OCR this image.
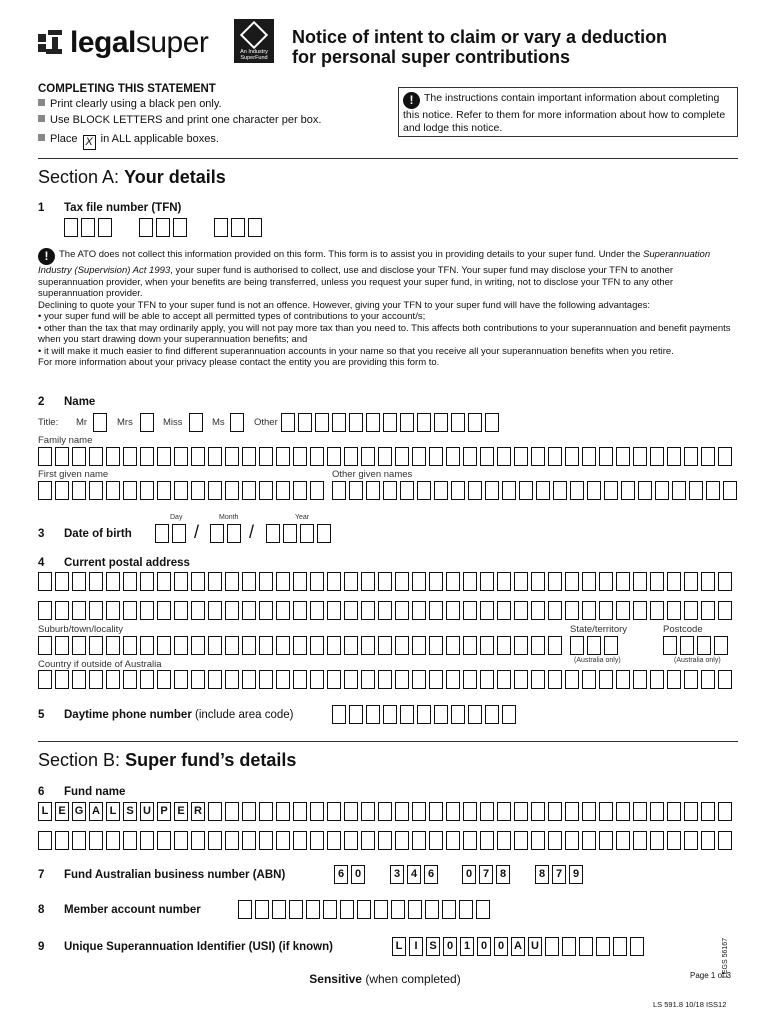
legalsuper	An Industry SuperFund
Notice of intent to claim or vary a deduction
for personal super contributions
COMPLETING THIS STATEMENT
Print clearly using a black pen only.
Use BLOCK LETTERS and print one character per box.
Place X in ALL applicable boxes.
! The instructions contain important information about completing this notice. Refer to them for more information about how to complete and lodge this notice.
Section A: Your details
1 Tax file number (TFN)
! The ATO does not collect this information provided on this form. This form is to assist you in providing details to your super fund. Under the Superannuation Industry (Supervision) Act 1993, your super fund is authorised to collect, use and disclose your TFN. Your super fund may disclose your TFN to another superannuation provider, when your benefits are being transferred, unless you request your super fund, in writing, not to disclose your TFN to any other superannuation provider.
Declining to quote your TFN to your super fund is not an offence. However, giving your TFN to your super fund will have the following advantages:
• your super fund will be able to accept all permitted types of contributions to your account/s;
• other than the tax that may ordinarily apply, you will not pay more tax than you need to. This affects both contributions to your superannuation and benefit payments when you start drawing down your superannuation benefits; and
• it will make it much easier to find different superannuation accounts in your name so that you receive all your superannuation benefits when you retire.
For more information about your privacy please contact the entity you are providing this form to.
2 Name
Title: Mr	Mrs	Miss	Ms	Other
Family name
First given name	Other given names
Day	Month	Year
3 Date of birth	/	/
4 Current postal address
Suburb/town/locality	State/territory	Postcode
(Australia only)	(Australia only)
Country if outside of Australia
5 Daytime phone number (include area code)
Section B: Super fund’s details
6 Fund name
L E G A L S U P E R
7 Fund Australian business number (ABN)	6 0	3 4 6	0 7 8	8 7 9
8 Member account number
9 Unique Superannuation Identifier (USI) (if known)	L	I	S 0 1 0 0 A U
Sensitive (when completed)	Page 1 of 3
LS 591.8 10/18 ISS12
LEGS 56167
